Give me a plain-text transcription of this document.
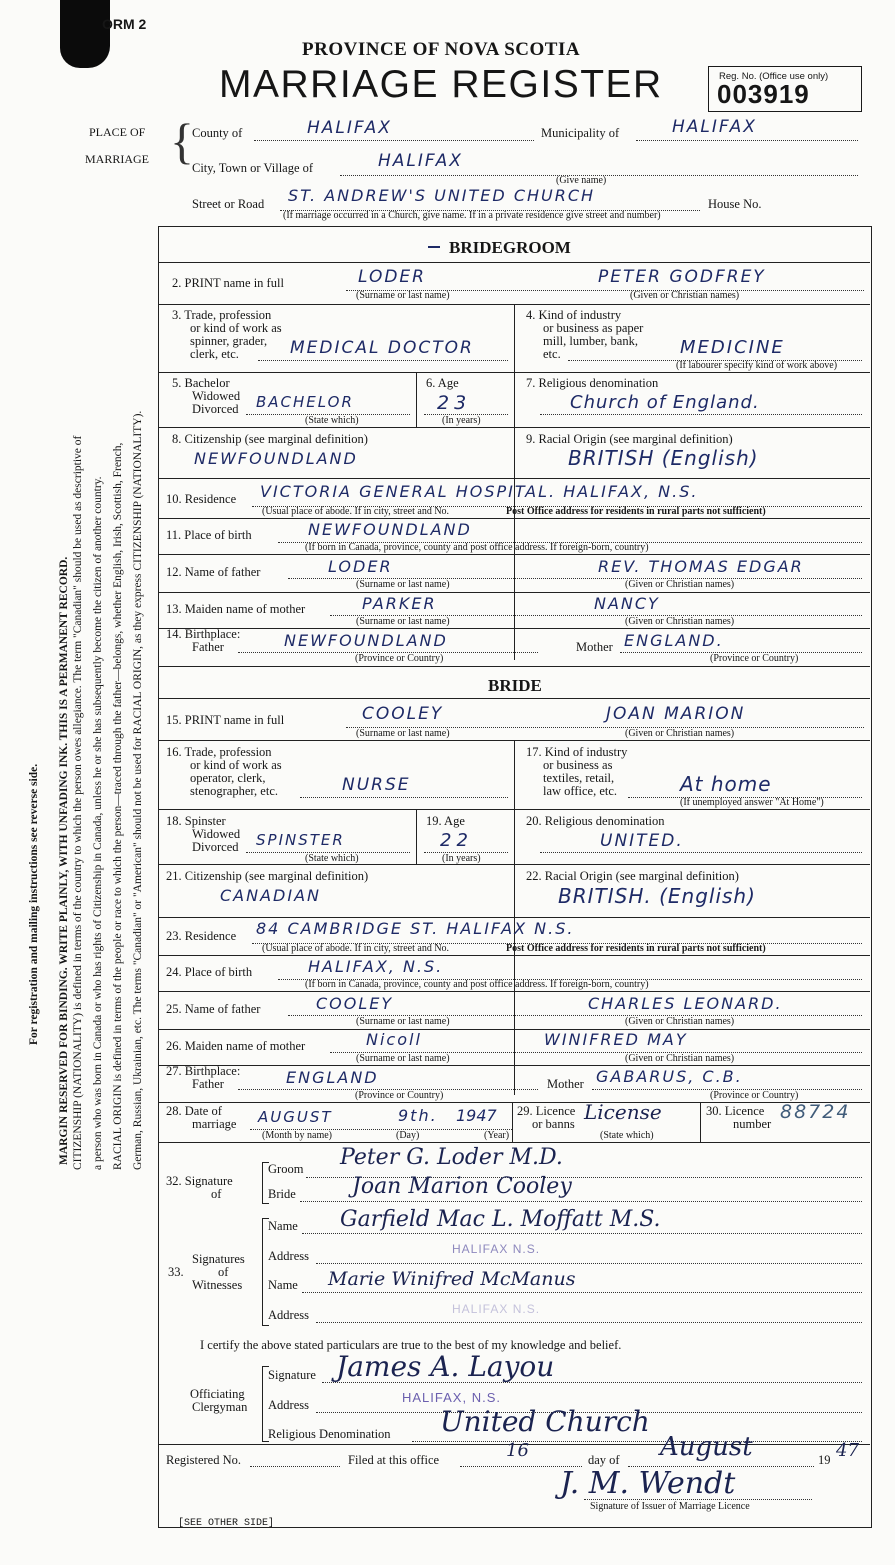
ORM 2
PROVINCE OF NOVA SCOTIA
MARRIAGE REGISTER	Reg. No. (Office use only)
003919
PLACE OF
MARRIAGE {
County of	HALIFAX	Municipality of	HALIFAX
City, Town or Village of	HALIFAX
(Give name)
Street or Road ST. ANDREW'S UNITED CHURCH	House No.
(If marriage occurred in a Church, give name. If in a private residence give street and number)
For registration and mailing instructions see reverse side. MARGIN RESERVED FOR BINDING. WRITE PLAINLY, WITH UNFADING INK. THIS IS A PERMANENT RECORD. CITIZENSHIP (NATIONALITY) is defined in terms of the country to which the person owes allegiance. The term "Canadian" should be used as descriptive of a person who was born in Canada or who has rights of Citizenship in Canada, unless he or she has subsequently become the citizen of another country. RACIAL ORIGIN is defined in terms of the people or race to which the person—traced through the father—belongs, whether English, Irish, Scottish, French, German, Russian, Ukrainian, etc. The terms "Canadian" or "American" should not be used for RACIAL ORIGIN, as they express CITIZENSHIP (NATIONALITY).
BRIDEGROOM
2. PRINT name in full	LODER	PETER GODFREY
(Surname or last name)	(Given or Christian names)
3. Trade, profession
or kind of work as
spinner, grader,
clerk, etc.	MEDICAL DOCTOR
4. Kind of industry
or business as paper
mill, lumber, bank,
etc.	MEDICINE
(If labourer specify kind of work above)
5. Bachelor
Widowed
Divorced BACHELOR
(State which)
6. Age
23
(In years)
7. Religious denomination
Church of England.
8. Citizenship (see marginal definition)
NEWFOUNDLAND
9. Racial Origin (see marginal definition)
BRITISH (English)
10. Residence VICTORIA GENERAL HOSPITAL. HALIFAX, N.S.
(Usual place of abode. If in city, street and No.	Post Office address for residents in rural parts not sufficient)
11. Place of birth	NEWFOUNDLAND
(If born in Canada, province, county and post office address. If foreign-born, country)
12. Name of father	LODER	REV. THOMAS EDGAR
(Surname or last name)	(Given or Christian names)
13. Maiden name of mother	PARKER	NANCY
(Surname or last name)	(Given or Christian names)
14. Birthplace:
Father	NEWFOUNDLAND
(Province or Country)
Mother ENGLAND.
(Province or Country)
BRIDE
15. PRINT name in full	COOLEY	JOAN MARION
(Surname or last name)	(Given or Christian names)
16. Trade, profession
or kind of work as
operator, clerk,
stenographer, etc.	NURSE
17. Kind of industry
or business as
textiles, retail,
law office, etc.	At home
(If unemployed answer "At Home")
18. Spinster
Widowed
Divorced SPINSTER
(State which)
19. Age
22
(In years)
20. Religious denomination
UNITED.
21. Citizenship (see marginal definition)
CANADIAN
22. Racial Origin (see marginal definition)
BRITISH. (English)
23. Residence 84 CAMBRIDGE ST. HALIFAX N.S.
(Usual place of abode. If in city, street and No.	Post Office address for residents in rural parts not sufficient)
24. Place of birth	HALIFAX, N.S.
(If born in Canada, province, county and post office address. If foreign-born, country)
25. Name of father	COOLEY	CHARLES LEONARD.
(Surname or last name)	(Given or Christian names)
26. Maiden name of mother	Nicoll	WINIFRED MAY
(Surname or last name)	(Given or Christian names)
27. Birthplace:
Father	ENGLAND
(Province or Country)
Mother GABARUS, C.B.
(Province or Country)
28. Date of
marriage AUGUST	9th. 1947
(Month by name)	(Day)	(Year)
29. Licence
or banns License
(State which)
30. Licence
number
88724
32. Signature
of
Groom Peter G. Loder M.D.
Bride	Joan Marion Cooley
33.
Signatures
of
Witnesses
Name Garfield Mac L. Moffatt M.S.
Address	HALIFAX N.S.
Name Marie Winifred McManus
Address	HALIFAX N.S.
I certify the above stated particulars are true to the best of my knowledge and belief.
Officiating
Clergyman
Signature James A. Layou
Address	HALIFAX, N.S.
Religious Denomination United Church
Registered No.	Filed at this office	16	day of August	19 47
J. M. Wendt
Signature of Issuer of Marriage Licence
[SEE OTHER SIDE]
